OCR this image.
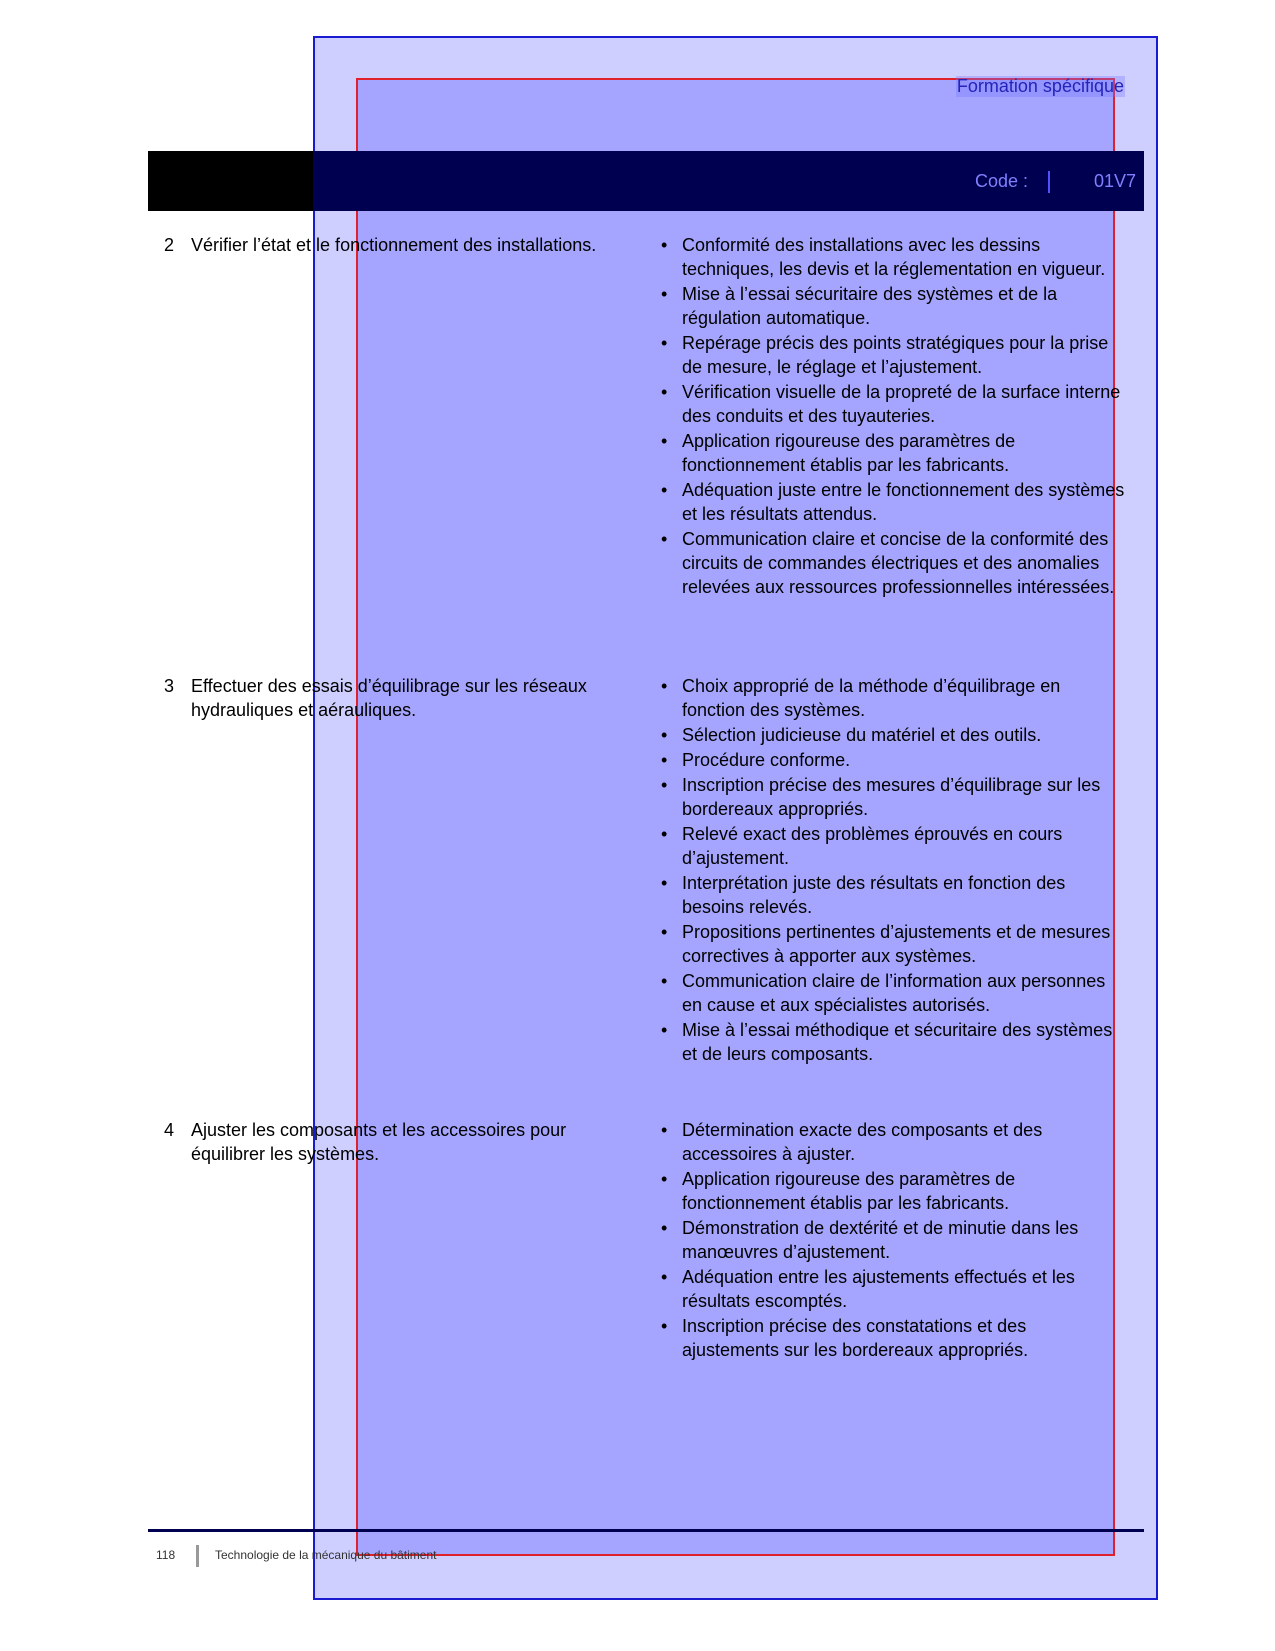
Formation spécifique
Code :	01V7
2 Vérifier l’état et le fonctionnement des installations.
•	Conformité des installations avec les dessins techniques, les devis et la réglementation en vigueur.
• Mise à l’essai sécuritaire des systèmes et de la régulation automatique.
• Repérage précis des points stratégiques pour la prise de mesure, le réglage et l’ajustement.
• Vérification visuelle de la propreté de la surface interne des conduits et des tuyauteries.
• Application rigoureuse des paramètres de fonctionnement établis par les fabricants.
• Adéquation juste entre le fonctionnement des systèmes et les résultats attendus.
• Communication claire et concise de la conformité des circuits de commandes électriques et des anomalies relevées aux ressources professionnelles intéressées.
3 Effectuer des essais d’équilibrage sur les réseaux hydrauliques et aérauliques.
• Choix approprié de la méthode d’équilibrage en fonction des systèmes.
• Sélection judicieuse du matériel et des outils.
• Procédure conforme.
• Inscription précise des mesures d’équilibrage sur les bordereaux appropriés.
• Relevé exact des problèmes éprouvés en cours d’ajustement.
• Interprétation juste des résultats en fonction des besoins relevés.
• Propositions pertinentes d’ajustements et de mesures correctives à apporter aux systèmes.
• Communication claire de l’information aux personnes en cause et aux spécialistes autorisés.
• Mise à l’essai méthodique et sécuritaire des systèmes et de leurs composants.
4 Ajuster les composants et les accessoires pour équilibrer les systèmes.
• Détermination exacte des composants et des accessoires à ajuster.
• Application rigoureuse des paramètres de fonctionnement établis par les fabricants.
• Démonstration de dextérité et de minutie dans les manœuvres d’ajustement.
• Adéquation entre les ajustements effectués et les résultats escomptés.
• Inscription précise des constatations et des ajustements sur les bordereaux appropriés.
118	Technologie de la mécanique du bâtiment
